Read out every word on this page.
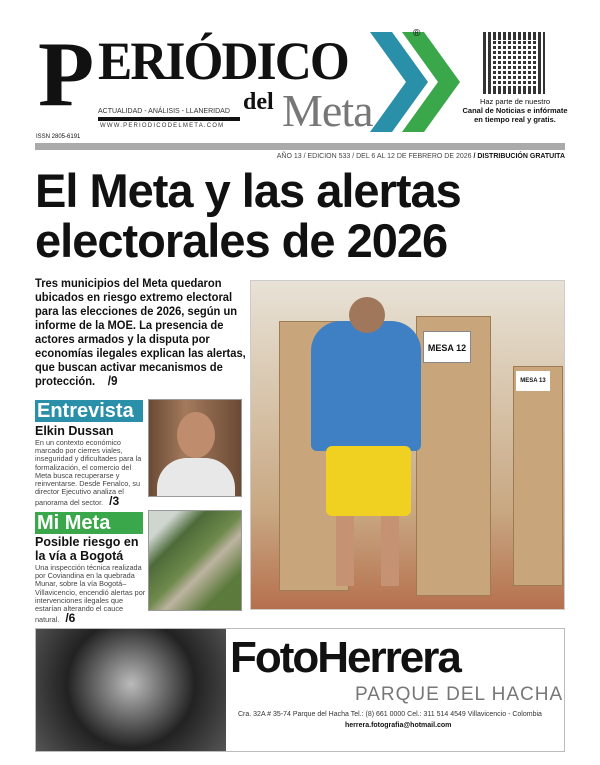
P ERIÓDICO
del Meta
ACTUALIDAD - ANÁLISIS - LLANERIDAD
WWW.PERIODICODELMETA.COM
®
Haz parte de nuestro
Canal de Noticias e infórmate en tiempo real y gratis.
ISSN 2805-6191
AÑO 13 / EDICION 533 / DEL 6 AL 12 DE FEBRERO DE 2026 / DISTRIBUCIÓN GRATUITA
El Meta y las alertas electorales de 2026
Tres municipios del Meta quedaron ubicados en riesgo extremo electoral para las elecciones de 2026, según un informe de la MOE. La presencia de actores armados y la disputa por economías ilegales explican las alertas, que buscan activar mecanismos de protección. /9
MESA 12
MESA 13
Entrevista
Elkin Dussan
En un contexto económico marcado por cierres viales, inseguridad y dificultades para la formalización, el comercio del Meta busca recuperarse y reinventarse. Desde Fenalco, su director Ejecutivo analiza el panorama del sector. /3
Mi Meta
Posible riesgo en la vía a Bogotá
Una inspección técnica realizada por Coviandina en la quebrada Munar, sobre la vía Bogotá–Villavicencio, encendió alertas por intervenciones ilegales que estarían alterando el cauce natural. /6
FotoHerrera
PARQUE DEL HACHA
Cra. 32A # 35-74 Parque del Hacha Tel.: (8) 661 0000 Cel.: 311 514 4549 Villavicencio - Colombia
herrera.fotografia@hotmail.com
